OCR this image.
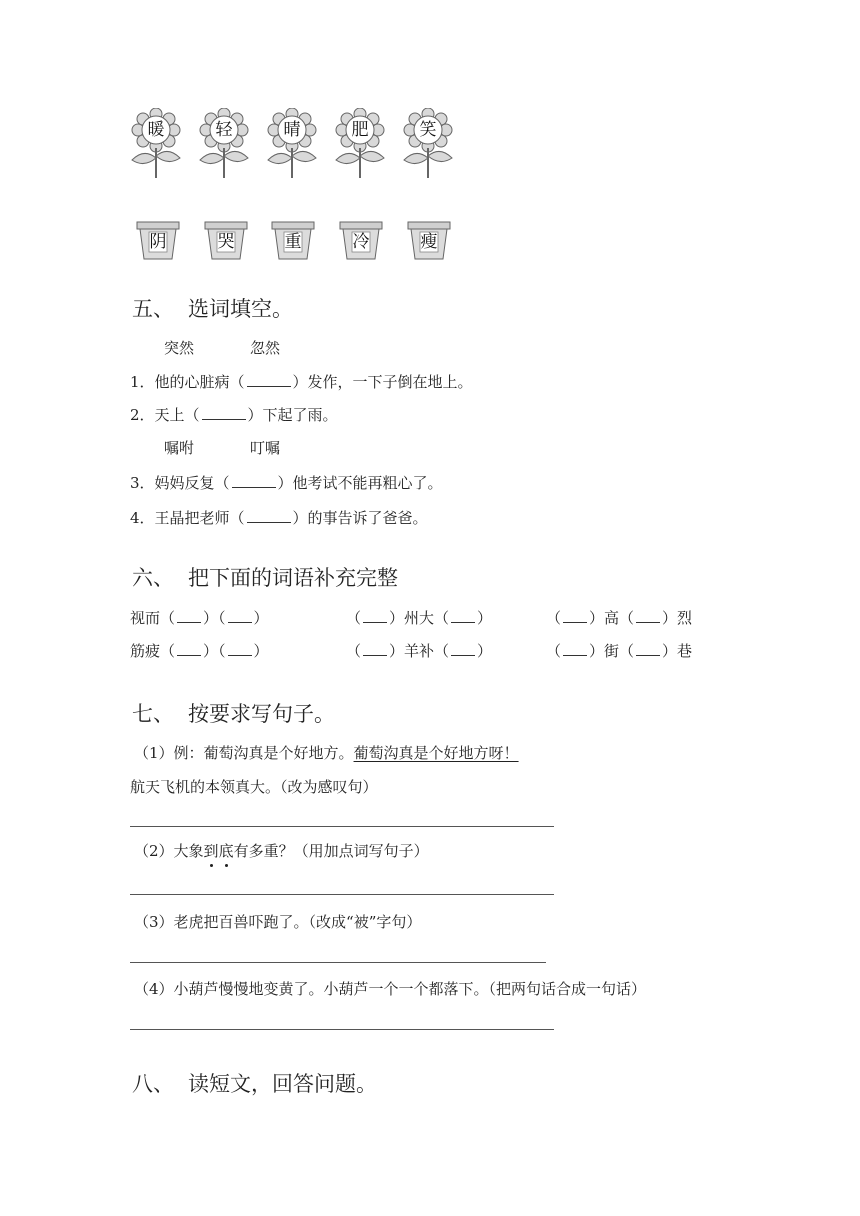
暖	轻	晴	肥	笑
阴	哭	重	冷	瘦
五、 选词填空。
突然	忽然
1．他的心脏病（	）发作，一下子倒在地上。
2．天上（	）下起了雨。
嘱咐	叮嘱
3．妈妈反复（	）他考试不能再粗心了。
4．王晶把老师（	）的事告诉了爸爸。
六、 把下面的词语补充完整
视而（ ）（ ）	（ ）州大（ ）	（ ）高（ ）烈
筋疲（ ）（ ）	（ ）羊补（ ）	（ ）街（ ）巷
七、 按要求写句子。
（1）例：葡萄沟真是个好地方。葡萄沟真是个好地方呀！
航天飞机的本领真大。（改为感叹句）
（2）大象到底有多重？（用加点词写句子）
（3）老虎把百兽吓跑了。（改成“被”字句）
（4）小葫芦慢慢地变黄了。小葫芦一个一个都落下。（把两句话合成一句话）
八、 读短文，回答问题。
